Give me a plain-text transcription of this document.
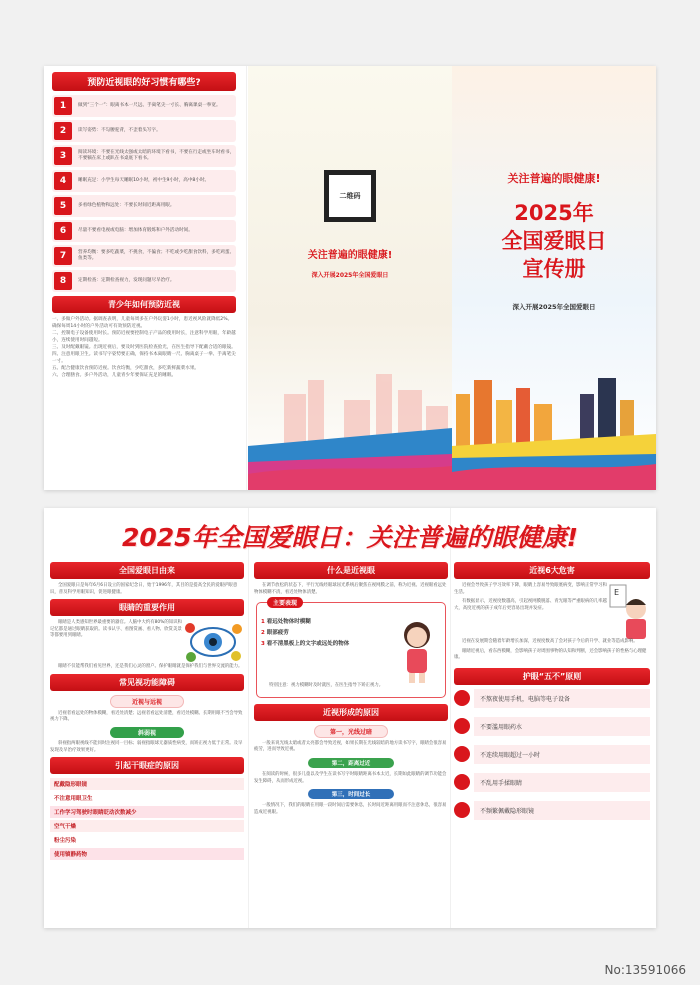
预防近视眼的好习惯有哪些?
1	做到“三个一”：眼离书本一尺远、手离笔尖一寸长、胸离课桌一拳宽。
2	读写姿势：不勾腰驼背，不歪着头写字。
3	阅读环境：不要在光线太强或太暗的环境下看书，不要在行走或坐车时看书，不要躺在床上或趴在书桌底下看书。
4	睡眠充足：小学生每天睡眠10小时，初中生9小时，高中8小时。
5	多看绿色植物和远处：不要长时间近距离用眼。
6	尽量不要看电视或电脑：增加体育锻炼和户外活动时间。
7	营养均衡：要多吃蔬菜，不挑食，不偏食；不吃或少吃甜食饮料，多吃鸡蛋、鱼类等。
8	定期检查：定期检查视力，发现问题尽早治疗。
青少年如何预防近视
一、多做户外活动。据调查表明，儿童每周多在户外玩耍1小时，患近视风险就降低2%。确保每周14小时的户外活动可有效预防近视。
二、控制电子设备使用时长。预防近视要控制电子产品的使用时长，注意科学用眼，年龄越小，连续使用时间越短。
三、及时配戴眼镜。出现近视后，要及时到医院检查验光，在医生指导下配戴合适的眼镜。
四、注意用眼卫生。读书写字姿势要正确，保持书本离眼睛一尺、胸离桌子一拳、手离笔尖一寸。
五、配合健康饮食预防近视。饮食均衡，少吃甜食，多吃新鲜蔬菜水果。
六、合理膳食。多户外活动，儿童青少年要保证充足的睡眠。
二维码
关注普遍的眼健康!
深入开展2025年全国爱眼日
关注普遍的眼健康!
2025年
全国爱眼日
宣传册
深入开展2025年全国爱眼日
2025年全国爱眼日：关注普遍的眼健康!
全国爱眼日由来
全国爱眼日是每年6月6日设立的国家纪念日，始于1996年，其目的是提高全民的爱眼护眼意识，普及科学用眼知识，促进眼健康。
眼睛的重要作用
眼睛是人类感知世界最重要的器官。人脑中大约有80%的知识和记忆都是通过眼睛获取的。读书认字、看图赏画、看人物、欣赏美景等都要用到眼睛。
眼睛不仅能帮我们看见世界，还是我们心灵的窗户。保护眼睛就是保护我们与世界交流的能力。
常见视功能障碍
近视与远视
近视者看远处的物体模糊，看近处清楚；远视者看远处清楚，看近处模糊。长期用眼不当会导致视力下降。
斜弱视
斜视指两眼视线不能同时注视同一目标；弱视指眼球无器质性病变，而矫正视力低于正常。及早发现及早治疗效果更好。
引起干眼症的原因
配戴隐形眼镜
不注意用眼卫生
工作学习驾驶时眼睛眨动次数减少
空气干燥
粉尘污染
使用镇静药物
什么是近视眼
在调节放松的状态下，平行光线经眼球屈光系统后聚焦在视网膜之前，称为近视。近视眼看远处物体模糊不清，看近处物体清楚。
主要表现
1 看远处物体时模糊
2 眼部疲劳
3 看不清黑板上的文字或远处的物体
特别注意：视力模糊时及时就医，在医生指导下矫正视力。
近视形成的原因
第一，光线过暗
一般来说光线太暗或者太亮都会导致近视，如果长期在光线较暗的地方读书写字，眼睛会很容易疲劳，进而导致近视。
第二，距离过近
在阅读的时候，很多儿童以及学生在读书写字时眼睛距离书本太近，长期如此眼睛的调节功能会发生障碍，从而形成近视。
第三，时间过长
一般情况下，我们的眼睛在用眼一段时间后需要休息，长时间近距离用眼而不注意休息，很容易造成近视眼。
近视6大危害
近视会导致孩子学习效率下降，眼睛上容易导致眼底病变，影响正常学习和生活。
有数据显示，近视度数越高，引起视网膜脱落、青光眼等严重眼病的几率越大，高度近视的孩子成年后更容易出现并发症。
E
近视在发展期会随着年龄增长加深，近视度数高了会对孩子今后的升学、就业等造成影响。
眼睛近视后，看东西模糊，会影响孩子对周围事物的认知和判断，还会影响孩子的性格与心理健康。
护眼“五不”原则
不熬夜使用手机，电脑等电子设备
不要滥用眼药水
不连续用眼超过一小时
不乱用手揉眼睛
不频繁佩戴隐形眼镜
No:13591066
